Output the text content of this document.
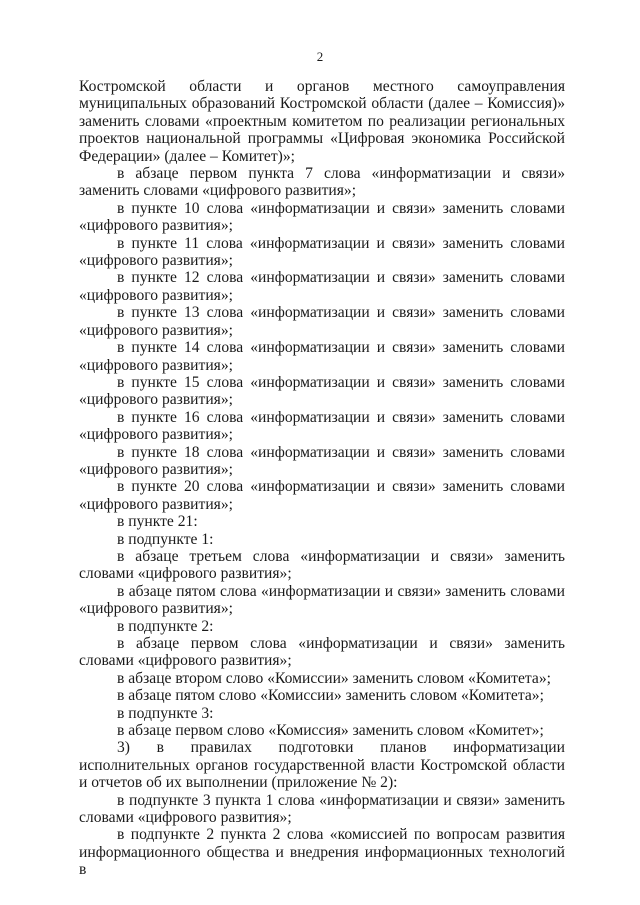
2

Костромской области и органов местного самоуправления муниципальных образований Костромской области (далее – Комиссия)» заменить словами «проектным комитетом по реализации региональных проектов национальной программы «Цифровая экономика Российской Федерации» (далее – Комитет)»;

в абзаце первом пункта 7 слова «информатизации и связи» заменить словами «цифрового развития»;

в пункте 10 слова «информатизации и связи» заменить словами «цифрового развития»;

в пункте 11 слова «информатизации и связи» заменить словами «цифрового развития»;

в пункте 12 слова «информатизации и связи» заменить словами «цифрового развития»;

в пункте 13 слова «информатизации и связи» заменить словами «цифрового развития»;

в пункте 14 слова «информатизации и связи» заменить словами «цифрового развития»;

в пункте 15 слова «информатизации и связи» заменить словами «цифрового развития»;

в пункте 16 слова «информатизации и связи» заменить словами «цифрового развития»;

в пункте 18 слова «информатизации и связи» заменить словами «цифрового развития»;

в пункте 20 слова «информатизации и связи» заменить словами «цифрового развития»;

в пункте 21:

в подпункте 1:

в абзаце третьем слова «информатизации и связи» заменить словами «цифрового развития»;

в абзаце пятом слова «информатизации и связи» заменить словами «цифрового развития»;

в подпункте 2:

в абзаце первом слова «информатизации и связи» заменить словами «цифрового развития»;

в абзаце втором слово «Комиссии» заменить словом «Комитета»;

в абзаце пятом слово «Комиссии» заменить словом «Комитета»;

в подпункте 3:

в абзаце первом слово «Комиссия» заменить словом «Комитет»;

3) в правилах подготовки планов информатизации исполнительных органов государственной власти Костромской области и отчетов об их выполнении (приложение № 2):

в подпункте 3 пункта 1 слова «информатизации и связи» заменить словами «цифрового развития»;

в подпункте 2 пункта 2 слова «комиссией по вопросам развития информационного общества и внедрения информационных технологий в
